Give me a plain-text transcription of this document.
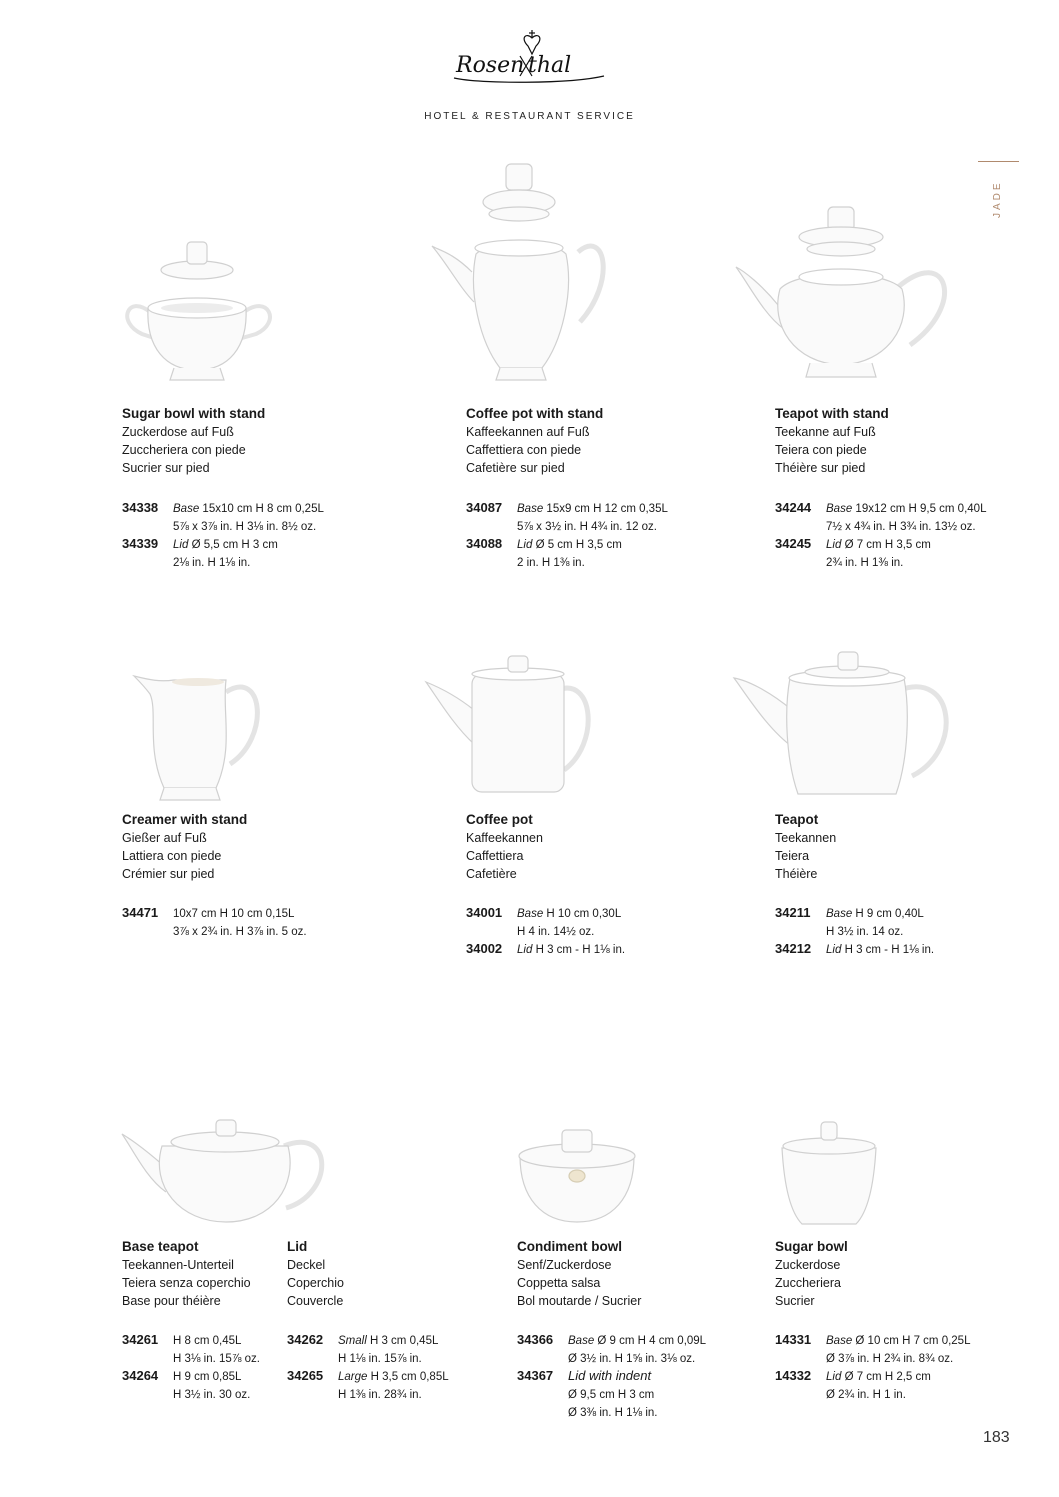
Rosen thal
HOTEL & RESTAURANT SERVICE
JADE
Sugar bowl with stand
Zuckerdose auf Fuß
Zuccheriera con piede
Sucrier sur pied
34338 Base 15x10 cm H 8 cm 0,25L
5⅞ x 3⅞ in. H 3⅛ in. 8½ oz.
34339 Lid Ø 5,5 cm H 3 cm
2⅛ in. H 1⅛ in.
Coffee pot with stand
Kaffeekannen auf Fuß
Caffettiera con piede
Cafetière sur pied
34087 Base 15x9 cm H 12 cm 0,35L
5⅞ x 3½ in. H 4¾ in. 12 oz.
34088 Lid Ø 5 cm H 3,5 cm
2 in. H 1⅜ in.
Teapot with stand
Teekanne auf Fuß
Teiera con piede
Théière sur pied
34244 Base 19x12 cm H 9,5 cm 0,40L
7½ x 4¾ in. H 3¾ in. 13½ oz.
34245 Lid Ø 7 cm H 3,5 cm
2¾ in. H 1⅜ in.
Creamer with stand
Gießer auf Fuß
Lattiera con piede
Crémier sur pied
34471 10x7 cm H 10 cm 0,15L
3⅞ x 2¾ in. H 3⅞ in. 5 oz.
Coffee pot
Kaffeekannen
Caffettiera
Cafetière
34001 Base H 10 cm 0,30L
H 4 in. 14½ oz.
34002 Lid H 3 cm - H 1⅛ in.
Teapot
Teekannen
Teiera
Théière
34211 Base H 9 cm 0,40L
H 3½ in. 14 oz.
34212 Lid H 3 cm - H 1⅛ in.
Base teapot
Teekannen-Unterteil
Teiera senza coperchio
Base pour théière
34261 H 8 cm 0,45L
H 3⅛ in. 15⅞ oz.
34264 H 9 cm 0,85L
H 3½ in. 30 oz.
Lid
Deckel
Coperchio
Couvercle
34262 Small H 3 cm 0,45L
H 1⅛ in. 15⅞ in.
34265 Large H 3,5 cm 0,85L
H 1⅜ in. 28¾ in.
Condiment bowl
Senf/Zuckerdose
Coppetta salsa
Bol moutarde / Sucrier
34366 Base Ø 9 cm H 4 cm 0,09L
Ø 3½ in. H 1⅝ in. 3⅛ oz.
34367 Lid with indent
Ø 9,5 cm H 3 cm
Ø 3⅜ in. H 1⅛ in.
Sugar bowl
Zuckerdose
Zuccheriera
Sucrier
14331 Base Ø 10 cm H 7 cm 0,25L
Ø 3⅞ in. H 2¾ in. 8¾ oz.
14332 Lid Ø 7 cm H 2,5 cm
Ø 2¾ in. H 1 in.
183
